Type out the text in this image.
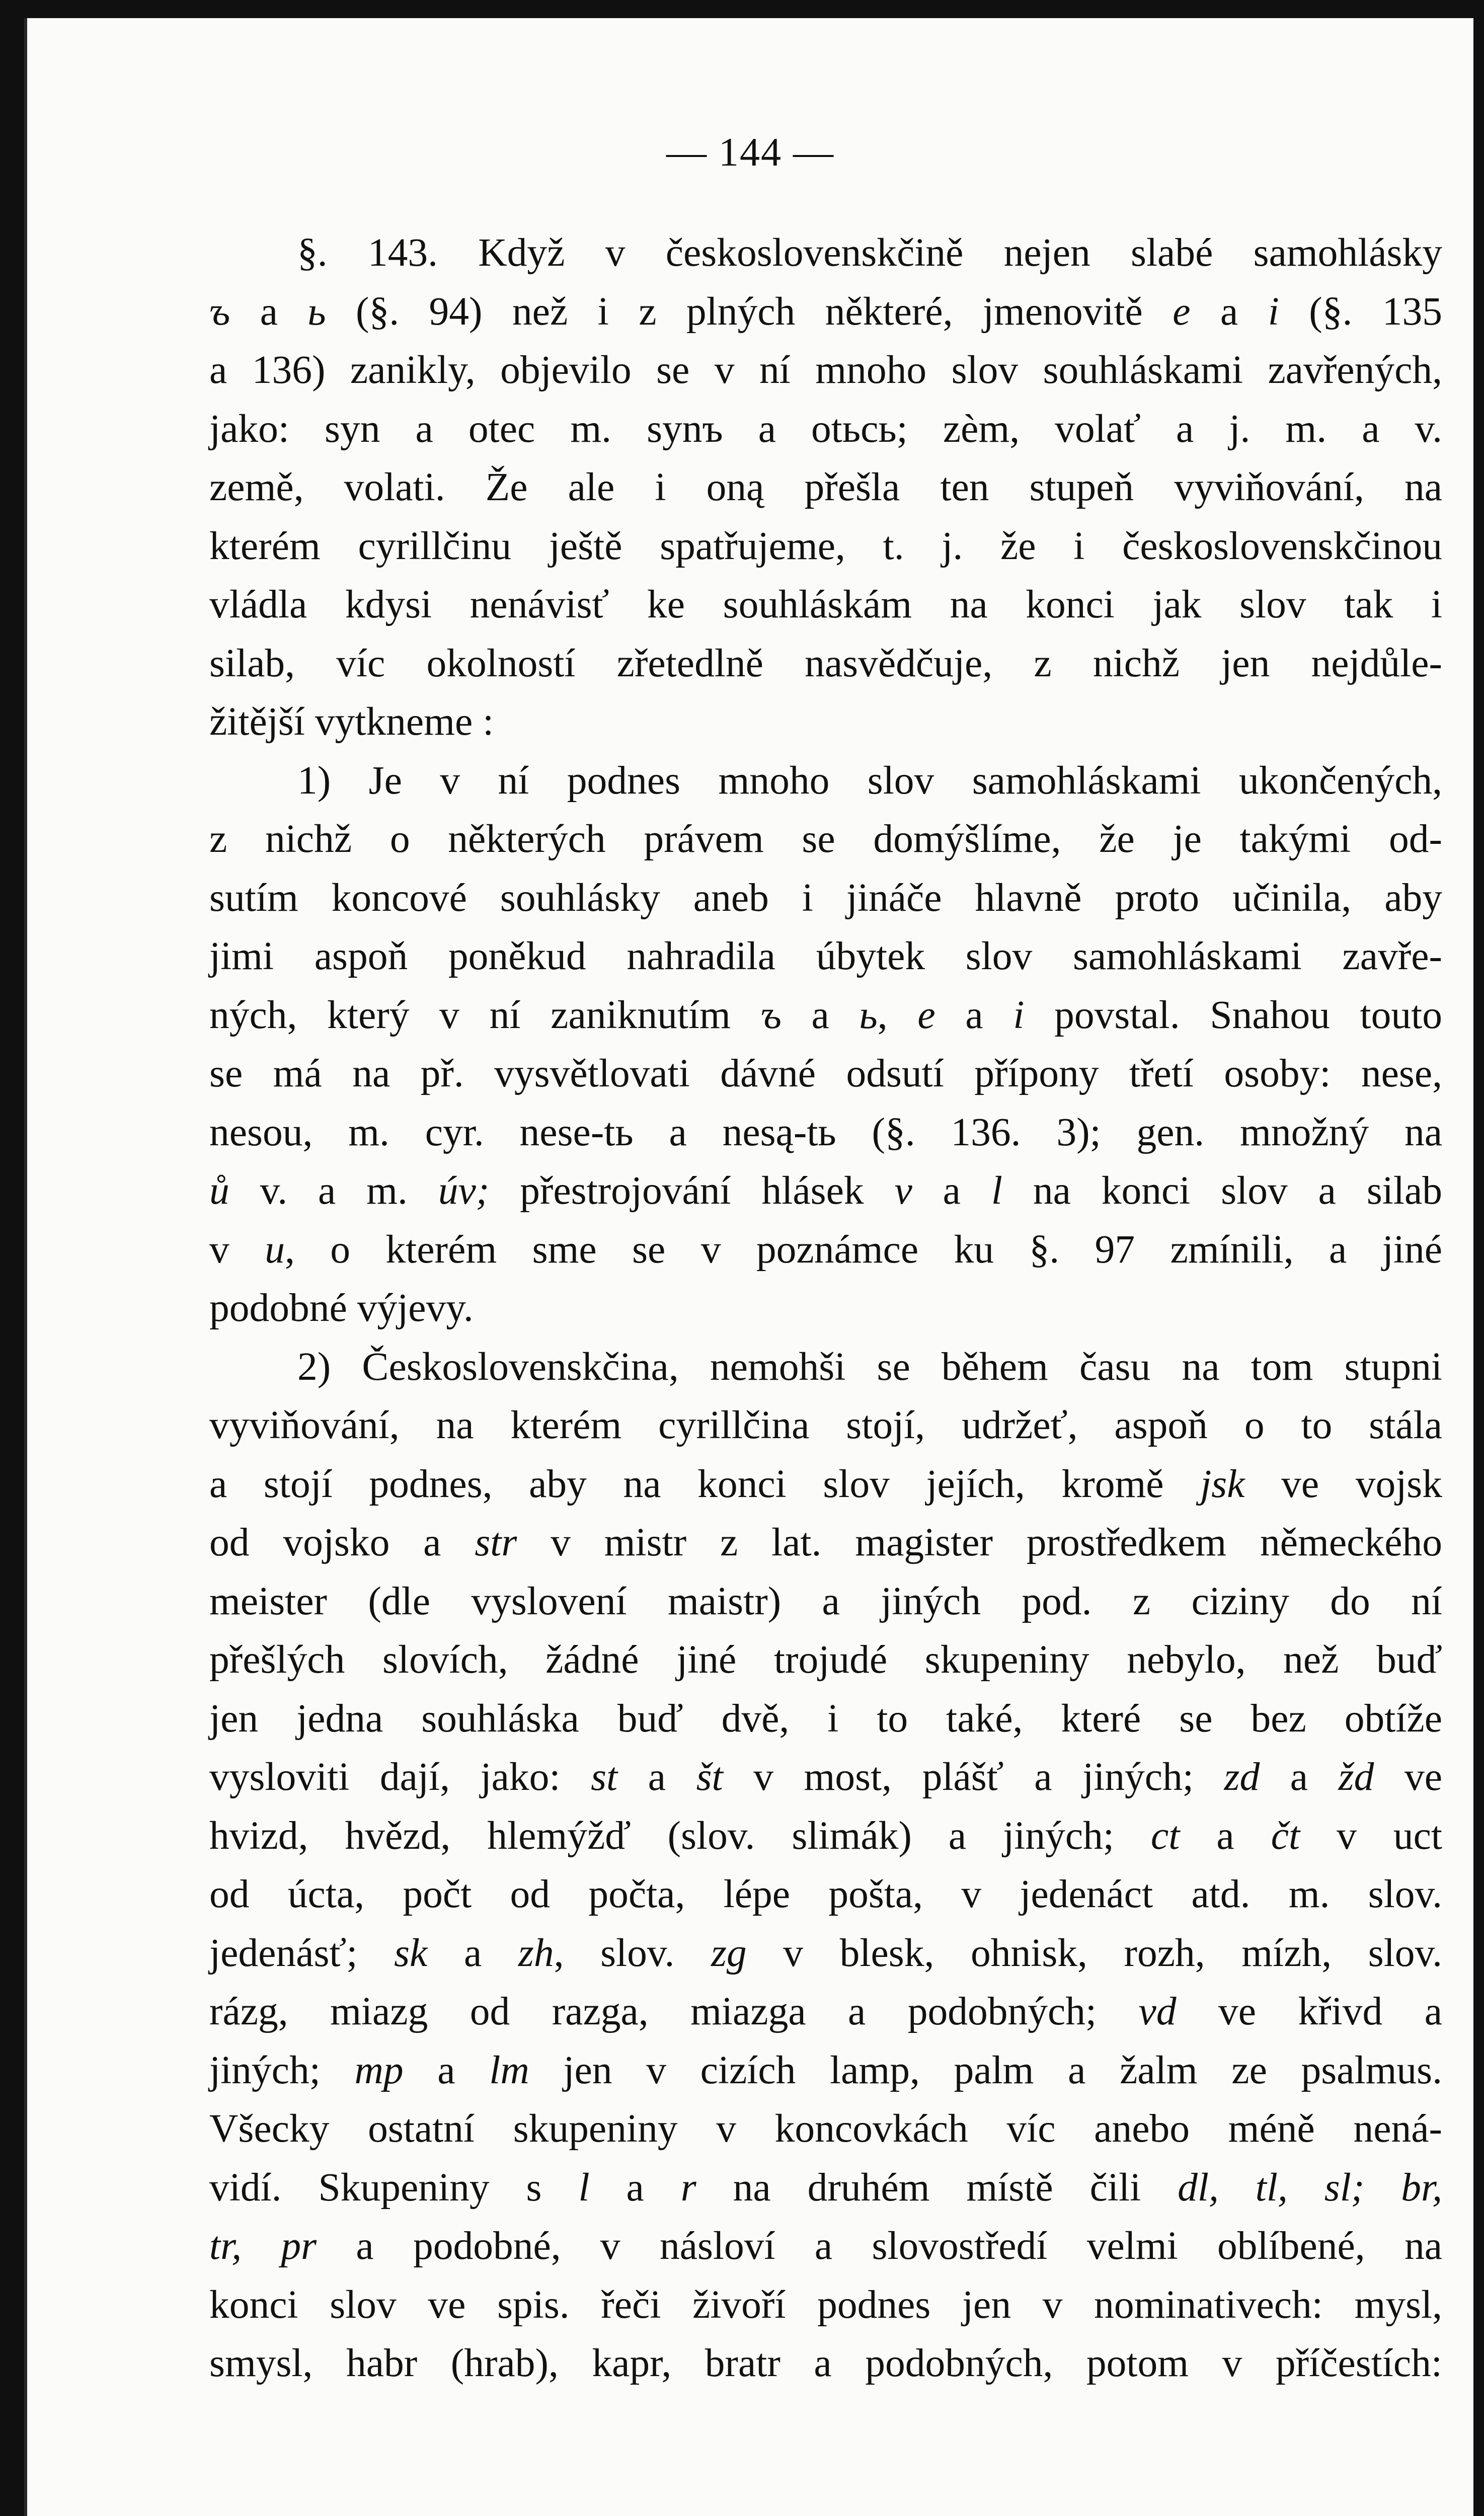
— 144 —
§. 143. Když v československčině nejen slabé samohlásky
ъ a ь (§. 94) než i z plných některé, jmenovitě e a i (§. 135
a 136) zanikly, objevilo se v ní mnoho slov souhláskami zavřených,
jako: syn a otec m. synъ a otьcь; zèm, volať a j. m. a v.
země, volati. Že ale i oną přešla ten stupeň vyviňování, na
kterém cyrillčinu ještě spatřujeme, t. j. že i československčinou
vládla kdysi nenávisť ke souhláskám na konci jak slov tak i
silab, víc okolností zřetedlně nasvědčuje, z nichž jen nejdůle-
žitější vytkneme :
1) Je v ní podnes mnoho slov samohláskami ukončených,
z nichž o některých právem se domýšlíme, že je takými od-
sutím koncové souhlásky aneb i jináče hlavně proto učinila, aby
jimi aspoň poněkud nahradila úbytek slov samohláskami zavře-
ných, který v ní zaniknutím ъ a ь, e a i povstal. Snahou touto
se má na př. vysvětlovati dávné odsutí přípony třetí osoby: nese,
nesou, m. cyr. nese-tь a nesą-tь (§. 136. 3); gen. množný na
ů v. a m. úv; přestrojování hlásek v a l na konci slov a silab
v u, o kterém sme se v poznámce ku §. 97 zmínili, a jiné
podobné výjevy.
2) Československčina, nemohši se během času na tom stupni
vyviňování, na kterém cyrillčina stojí, udržeť, aspoň o to stála
a stojí podnes, aby na konci slov jejích, kromě jsk ve vojsk
od vojsko a str v mistr z lat. magister prostředkem německého
meister (dle vyslovení maistr) a jiných pod. z ciziny do ní
přešlých slovích, žádné jiné trojudé skupeniny nebylo, než buď
jen jedna souhláska buď dvě, i to také, které se bez obtíže
vysloviti dají, jako: st a št v most, plášť a jiných; zd a žd ve
hvizd, hvězd, hlemýžď (slov. slimák) a jiných; ct a čt v uct
od úcta, počt od počta, lépe pošta, v jedenáct atd. m. slov.
jedenásť; sk a zh, slov. zg v blesk, ohnisk, rozh, mízh, slov.
rázg, miazg od razga, miazga a podobných; vd ve křivd a
jiných; mp a lm jen v cizích lamp, palm a žalm ze psalmus.
Všecky ostatní skupeniny v koncovkách víc anebo méně nená-
vidí. Skupeniny s l a r na druhém místě čili dl, tl, sl; br,
tr, pr a podobné, v násloví a slovostředí velmi oblíbené, na
konci slov ve spis. řeči živoří podnes jen v nominativech: mysl,
smysl, habr (hrab), kapr, bratr a podobných, potom v příčestích:
